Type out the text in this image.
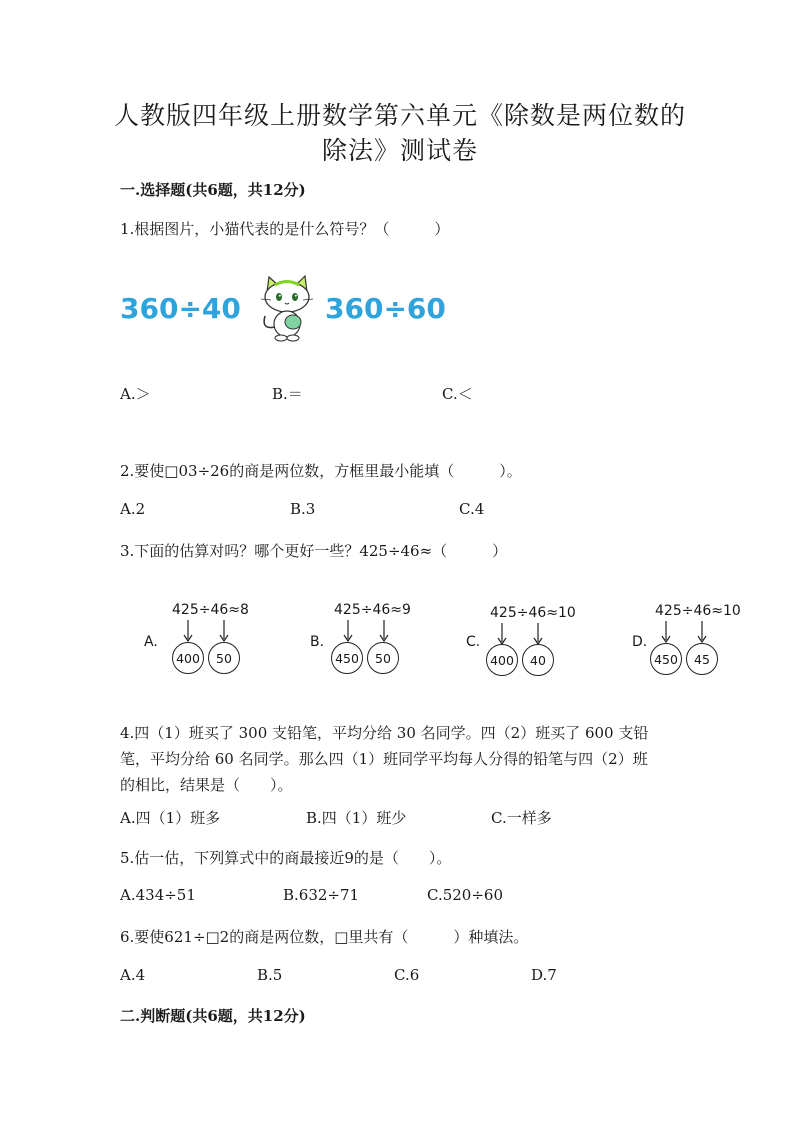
人教版四年级上册数学第六单元《除数是两位数的
除法》测试卷
一.选择题(共6题，共12分)
1.根据图片，小猫代表的是什么符号？（　　　）
360÷40	360÷60
A.＞	B.＝	C.＜
2.要使□03÷26的商是两位数，方框里最小能填（　　　）。
A.2	B.3	C.4
3.下面的估算对吗？哪个更好一些？425÷46≈（　　　）
A.
425÷46≈8
400	50
B.
425÷46≈9
450	50
C.
425÷46≈10
400	40
D.
425÷46≈10
450	45
4.四（1）班买了 300 支铅笔，平均分给 30 名同学。四（2）班买了 600 支铅
笔，平均分给 60 名同学。那么四（1）班同学平均每人分得的铅笔与四（2）班
的相比，结果是（　　）。
A.四（1）班多	B.四（1）班少	C.一样多
5.估一估，下列算式中的商最接近9的是（　　）。
A.434÷51	B.632÷71	C.520÷60
6.要使621÷□2的商是两位数，□里共有（　　　）种填法。
A.4	B.5	C.6	D.7
二.判断题(共6题，共12分)
